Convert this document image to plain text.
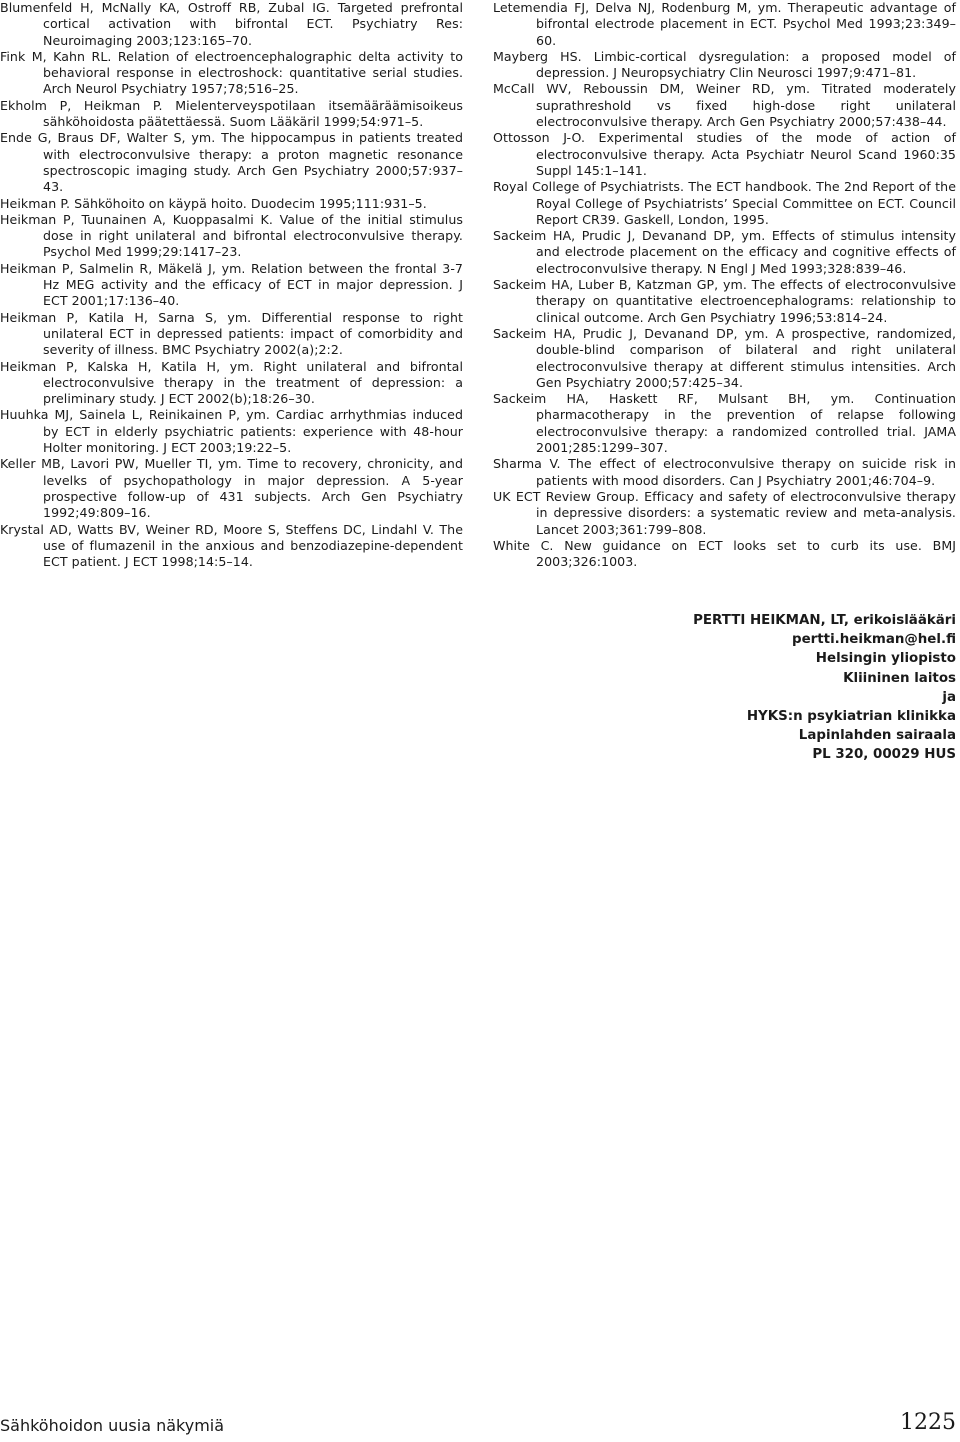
Blumenfeld H, McNally KA, Ostroff RB, Zubal IG. Targeted prefrontal cortical activation with bifrontal ECT. Psychiatry Res: Neuroimaging 2003;123:165–70.

Fink M, Kahn RL. Relation of electroencephalographic delta activity to behavioral response in electroshock: quantitative serial studies. Arch Neurol Psychiatry 1957;78;516–25.

Ekholm P, Heikman P. Mielenterveyspotilaan itsemääräämisoikeus sähköhoidosta päätettäessä. Suom Lääkäril 1999;54:971–5.

Ende G, Braus DF, Walter S, ym. The hippocampus in patients treated with electroconvulsive therapy: a proton magnetic resonance spectroscopic imaging study. Arch Gen Psychiatry 2000;57:937–43.

Heikman P. Sähköhoito on käypä hoito. Duodecim 1995;111:931–5.

Heikman P, Tuunainen A, Kuoppasalmi K. Value of the initial stimulus dose in right unilateral and bifrontal electroconvulsive therapy. Psychol Med 1999;29:1417–23.

Heikman P, Salmelin R, Mäkelä J, ym. Relation between the frontal 3-7 Hz MEG activity and the efficacy of ECT in major depression. J ECT 2001;17:136–40.

Heikman P, Katila H, Sarna S, ym. Differential response to right unilateral ECT in depressed patients: impact of comorbidity and severity of illness. BMC Psychiatry 2002(a);2:2.

Heikman P, Kalska H, Katila H, ym. Right unilateral and bifrontal electroconvulsive therapy in the treatment of depression: a preliminary study. J ECT 2002(b);18:26–30.

Huuhka MJ, Sainela L, Reinikainen P, ym. Cardiac arrhythmias induced by ECT in elderly psychiatric patients: experience with 48-hour Holter monitoring. J ECT 2003;19:22–5.

Keller MB, Lavori PW, Mueller TI, ym. Time to recovery, chronicity, and levelks of psychopathology in major depression. A 5-year prospective follow-up of 431 subjects. Arch Gen Psychiatry 1992;49:809–16.

Krystal AD, Watts BV, Weiner RD, Moore S, Steffens DC, Lindahl V. The use of flumazenil in the anxious and benzodiazepine-dependent ECT patient. J ECT 1998;14:5–14.

Letemendia FJ, Delva NJ, Rodenburg M, ym. Therapeutic advantage of bifrontal electrode placement in ECT. Psychol Med 1993;23:349–60.

Mayberg HS. Limbic-cortical dysregulation: a proposed model of depression. J Neuropsychiatry Clin Neurosci 1997;9:471–81.

McCall WV, Reboussin DM, Weiner RD, ym. Titrated moderately suprathreshold vs fixed high-dose right unilateral electroconvulsive therapy. Arch Gen Psychiatry 2000;57:438–44.

Ottosson J-O. Experimental studies of the mode of action of electroconvulsive therapy. Acta Psychiatr Neurol Scand 1960:35 Suppl 145:1–141.

Royal College of Psychiatrists. The ECT handbook. The 2nd Report of the Royal College of Psychiatrists’ Special Committee on ECT. Council Report CR39. Gaskell, London, 1995.

Sackeim HA, Prudic J, Devanand DP, ym. Effects of stimulus intensity and electrode placement on the efficacy and cognitive effects of electroconvulsive therapy. N Engl J Med 1993;328:839–46.

Sackeim HA, Luber B, Katzman GP, ym. The effects of electroconvulsive therapy on quantitative electroencephalograms: relationship to clinical outcome. Arch Gen Psychiatry 1996;53:814–24.

Sackeim HA, Prudic J, Devanand DP, ym. A prospective, randomized, double-blind comparison of bilateral and right unilateral electroconvulsive therapy at different stimulus intensities. Arch Gen Psychiatry 2000;57:425–34.

Sackeim HA, Haskett RF, Mulsant BH, ym. Continuation pharmacotherapy in the prevention of relapse following electroconvulsive therapy: a randomized controlled trial. JAMA 2001;285:1299–307.

Sharma V. The effect of electroconvulsive therapy on suicide risk in patients with mood disorders. Can J Psychiatry 2001;46:704–9.

UK ECT Review Group. Efficacy and safety of electroconvulsive therapy in depressive disorders: a systematic review and meta-analysis. Lancet 2003;361:799–808.

White C. New guidance on ECT looks set to curb its use. BMJ 2003;326:1003.

PERTTI HEIKMAN, LT, erikoislääkäri
pertti.heikman@hel.fi
Helsingin yliopisto
Kliininen laitos
ja
HYKS:n psykiatrian klinikka
Lapinlahden sairaala
PL 320, 00029 HUS
Sähköhoidon uusia näkymiä	1225
